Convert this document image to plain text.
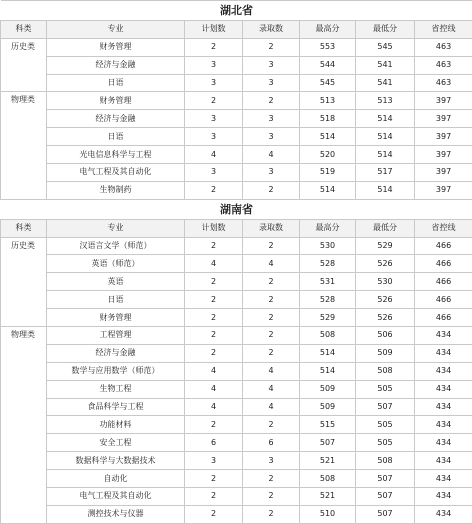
湖北省						
科类	专业	计划数	录取数	最高分	最低分	省控线

历史类	财务管理	2	2	553	545	463
	经济与金融	3	3	544	541	463
	日语	3	3	545	541	463

物理类	财务管理	2	2	513	513	397
	经济与金融	3	3	518	514	397
	日语	3	3	514	514	397
	光电信息科学与工程	4	4	520	514	397
	电气工程及其自动化	3	3	519	517	397
	生物制药	2	2	514	514	397
湖南省						
科类	专业	计划数	录取数	最高分	最低分	省控线

历史类	汉语言文学（师范）	2	2	530	529	466
	英语（师范）	4	4	528	526	466
	英语	2	2	531	530	466
	日语	2	2	528	526	466
	财务管理	2	2	529	526	466

物理类	工程管理	2	2	508	506	434
	经济与金融	2	2	514	509	434
	数学与应用数学（师范）	4	4	514	508	434
	生物工程	4	4	509	505	434
	食品科学与工程	4	4	509	507	434
	功能材料	2	2	515	505	434
	安全工程	6	6	507	505	434
	数据科学与大数据技术	3	3	521	508	434
	自动化	2	2	508	507	434
	电气工程及其自动化	2	2	521	507	434
	测控技术与仪器	2	2	510	507	434
